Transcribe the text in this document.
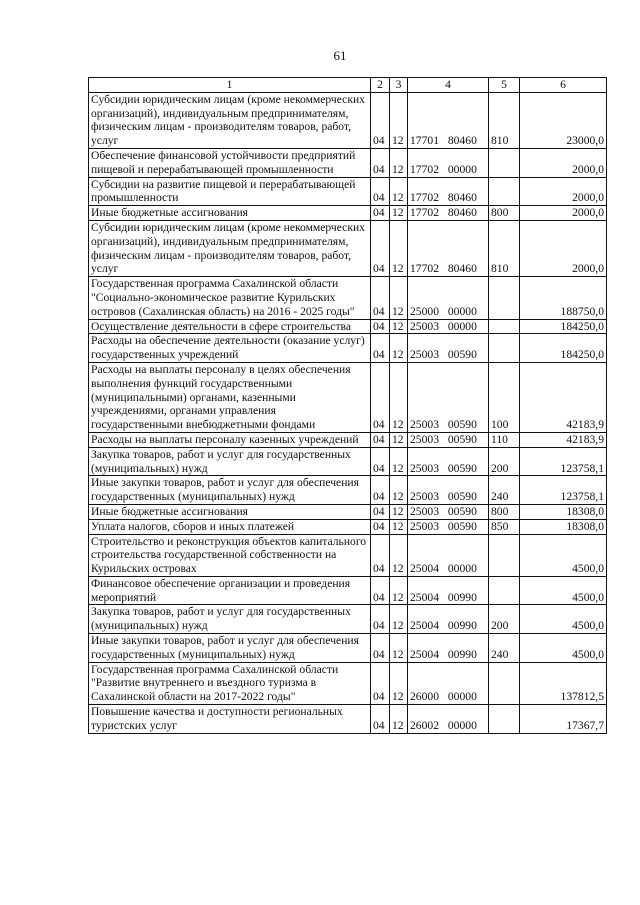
61
1	2	3	4	5	6
Субсидии юридическим лицам (кроме некоммерческих организаций), индивидуальным предпринимателям, физическим лицам - производителям товаров, работ, услуг	04	12	17701 80460	810	23000,0
Обеспечение финансовой устойчивости предприятий пищевой и перерабатывающей промышленности	04	12	17702 00000		2000,0
Субсидии на развитие пищевой и перерабатывающей промышленности	04	12	17702 80460		2000,0
Иные бюджетные ассигнования	04	12	17702 80460	800	2000,0
Субсидии юридическим лицам (кроме некоммерческих организаций), индивидуальным предпринимателям, физическим лицам - производителям товаров, работ, услуг	04	12	17702 80460	810	2000,0
Государственная программа Сахалинской области "Социально-экономическое развитие Курильских островов (Сахалинская область) на 2016 - 2025 годы"	04	12	25000 00000		188750,0
Осуществление деятельности в сфере строительства	04	12	25003 00000		184250,0
Расходы на обеспечение деятельности (оказание услуг) государственных учреждений	04	12	25003 00590		184250,0
Расходы на выплаты персоналу в целях обеспечения выполнения функций государственными (муниципальными) органами, казенными учреждениями, органами управления государственными внебюджетными фондами	04	12	25003 00590	100	42183,9
Расходы на выплаты персоналу казенных учреждений	04	12	25003 00590	110	42183,9
Закупка товаров, работ и услуг для государственных (муниципальных) нужд	04	12	25003 00590	200	123758,1
Иные закупки товаров, работ и услуг для обеспечения государственных (муниципальных) нужд	04	12	25003 00590	240	123758,1
Иные бюджетные ассигнования	04	12	25003 00590	800	18308,0
Уплата налогов, сборов и иных платежей	04	12	25003 00590	850	18308,0
Строительство и реконструкция объектов капитального строительства государственной собственности на Курильских островах	04	12	25004 00000		4500,0
Финансовое обеспечение организации и проведения мероприятий	04	12	25004 00990		4500,0
Закупка товаров, работ и услуг для государственных (муниципальных) нужд	04	12	25004 00990	200	4500,0
Иные закупки товаров, работ и услуг для обеспечения государственных (муниципальных) нужд	04	12	25004 00990	240	4500,0
Государственная программа Сахалинской области "Развитие внутреннего и въездного туризма в Сахалинской области на 2017-2022 годы"	04	12	26000 00000		137812,5
Повышение качества и доступности региональных туристских услуг	04	12	26002 00000		17367,7
